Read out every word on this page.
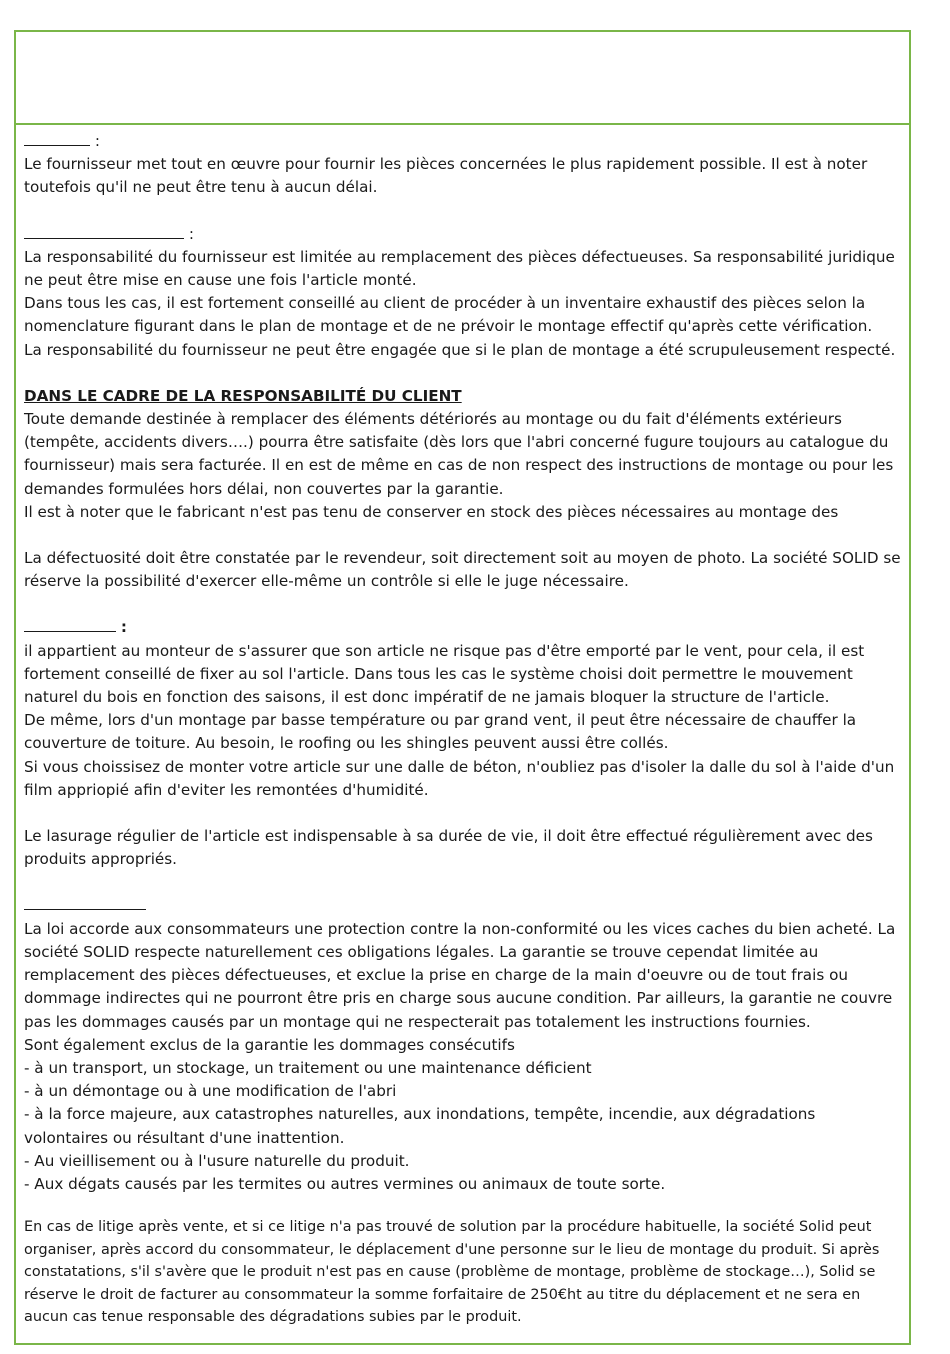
:

Le fournisseur met tout en œuvre pour fournir les pièces concernées le plus rapidement possible. Il est à noter toutefois qu'il ne peut être tenu à aucun délai.

:

La responsabilité du fournisseur est limitée au remplacement des pièces défectueuses. Sa responsabilité juridique ne peut être mise en cause une fois l'article monté.

Dans tous les cas, il est fortement conseillé au client de procéder à un inventaire exhaustif des pièces selon la nomenclature figurant dans le plan de montage et de ne prévoir le montage effectif qu'après cette vérification.

La responsabilité du fournisseur ne peut être engagée que si le plan de montage a été scrupuleusement respecté.

DANS LE CADRE DE LA RESPONSABILITÉ DU CLIENT

Toute demande destinée à remplacer des éléments détériorés au montage ou du fait d'éléments extérieurs (tempête, accidents divers….) pourra être satisfaite (dès lors que l'abri concerné fugure toujours au catalogue du fournisseur) mais sera facturée. Il en est de même en cas de non respect des instructions de montage ou pour les demandes formulées hors délai, non couvertes par la garantie.

Il est à noter que le fabricant n'est pas tenu de conserver en stock des pièces nécessaires au montage des

La défectuosité doit être constatée par le revendeur, soit directement soit au moyen de photo. La société SOLID se réserve la possibilité d'exercer elle-même un contrôle si elle le juge nécessaire.

:

il appartient au monteur de s'assurer que son article ne risque pas d'être emporté par le vent, pour cela, il est fortement conseillé de fixer au sol l'article. Dans tous les cas le système choisi doit permettre le mouvement naturel du bois en fonction des saisons, il est donc impératif de ne jamais bloquer la structure de l'article.

De même, lors d'un montage par basse température ou par grand vent, il peut être nécessaire de chauffer la couverture de toiture. Au besoin, le roofing ou les shingles peuvent aussi être collés.

Si vous choissisez de monter votre article sur une dalle de béton, n'oubliez pas d'isoler la dalle du sol à l'aide d'un film appriopié afin d'eviter les remontées d'humidité.

Le lasurage régulier de l'article est indispensable à sa durée de vie, il doit être effectué régulièrement avec des produits appropriés.

La loi accorde aux consommateurs une protection contre la non-conformité ou les vices caches du bien acheté. La société SOLID respecte naturellement ces obligations légales. La garantie se trouve cependat limitée au remplacement des pièces défectueuses, et exclue la prise en charge de la main d'oeuvre ou de tout frais ou dommage indirectes qui ne pourront être pris en charge sous aucune condition. Par ailleurs, la garantie ne couvre pas les dommages causés par un montage qui ne respecterait pas totalement les instructions fournies.

Sont également exclus de la garantie les dommages consécutifs

- à un transport, un stockage, un traitement ou une maintenance déficient

- à un démontage ou à une modification de l'abri

- à la force majeure, aux catastrophes naturelles, aux inondations, tempête, incendie, aux dégradations volontaires ou résultant d'une inattention.

- Au vieillisement ou à l'usure naturelle du produit.

- Aux dégats causés par les termites ou autres vermines ou animaux de toute sorte.

En cas de litige après vente, et si ce litige n'a pas trouvé de solution par la procédure habituelle, la société Solid peut organiser, après accord du consommateur, le déplacement d'une personne sur le lieu de montage du produit. Si après constatations, s'il s'avère que le produit n'est pas en cause (problème de montage, problème de stockage…), Solid se réserve le droit de facturer au consommateur la somme forfaitaire de 250€ht au titre du déplacement et ne sera en aucun cas tenue responsable des dégradations subies par le produit.
